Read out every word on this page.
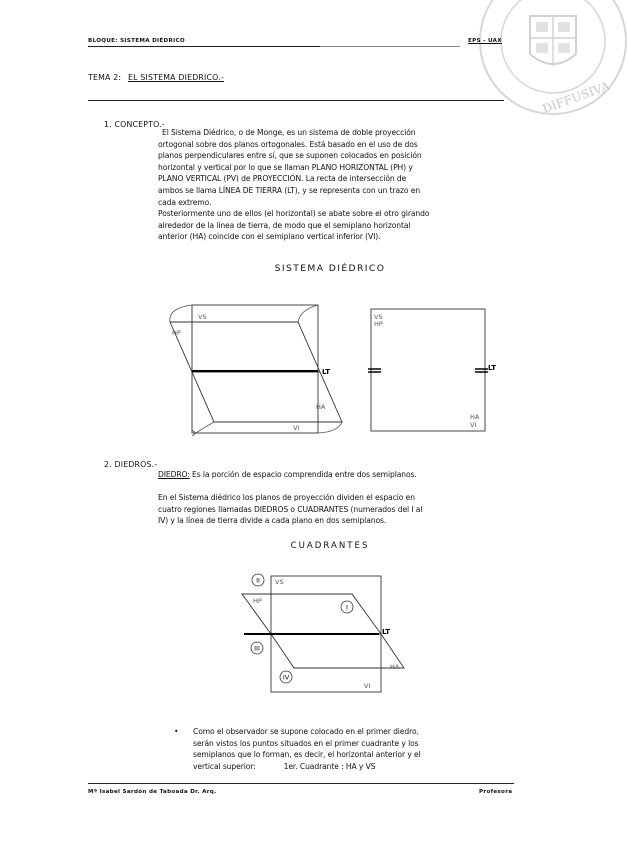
DIFFUSIVA
BLOQUE: SISTEMA DIÉDRICO	EPS - UAX
TEMA 2: EL SISTEMA DIEDRICO.-
1. CONCEPTO.-
El Sistema Diédrico, o de Monge, es un sistema de doble proyección
ortogonal sobre dos planos ortogonales. Está basado en el uso de dos
planos perpendiculares entre sí, que se suponen colocados en posición
horizontal y vertical por lo que se llaman PLANO HORIZONTAL (PH) y
PLANO VERTICAL (PV) de PROYECCIÓN. La recta de intersección de
ambos se llama LÍNEA DE TIERRA (LT), y se representa con un trazo en
cada extremo.
Posteriormente uno de ellos (el horizontal) se abate sobre el otro girando
alrededor de la línea de tierra, de modo que el semiplano horizontal
anterior (HA) coincide con el semiplano vertical inferior (VI).
SISTEMA DIÉDRICO
VS
HP
LT
HA
VI
VS
HP
LT
HA
VI
2. DIEDROS.-
DIEDRO: Es la porción de espacio comprendida entre dos semiplanos.
En el Sistema diédrico los planos de proyección dividen el espacio en
cuatro regiones llamadas DIEDROS o CUADRANTES (numerados del I al
IV) y la línea de tierra divide a cada plano en dos semiplanos.
CUADRANTES
II
I
III
IV
VS
HP
LT
HA
VI
• Como el observador se supone colocado en el primer diedro,
serán vistos los puntos situados en el primer cuadrante y los
semiplanos que lo forman, es decir, el horizontal anterior y el
vertical superior:	1er. Cuadrante : HA y VS
Mª Isabel Sardón de Taboada Dr. Arq.	Profesora
